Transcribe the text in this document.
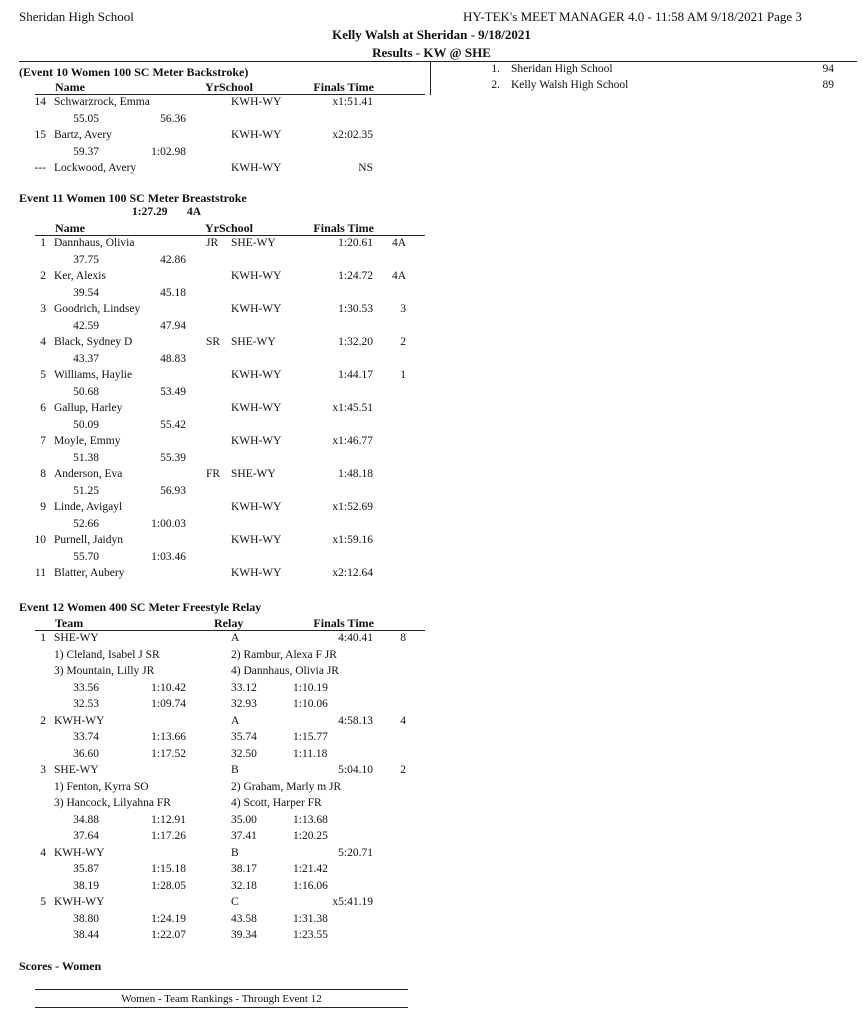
Sheridan High School	HY-TEK's MEET MANAGER 4.0 - 11:58 AM 9/18/2021 Page 3
Kelly Walsh at Sheridan - 9/18/2021
Results - KW @ SHE
1. Sheridan High School	94
2. Kelly Walsh High School	89
(Event 10 Women 100 SC Meter Backstroke)
Name	YrSchool	Finals Time
14 Schwarzrock, Emma	KWH-WY	x1:51.41
55.05	56.36
15 Bartz, Avery	KWH-WY	x2:02.35
59.37	1:02.98
--- Lockwood, Avery	KWH-WY	NS
Event 11 Women 100 SC Meter Breaststroke
1:27.29 4A
Name	YrSchool	Finals Time
1 Dannhaus, Olivia	JR SHE-WY	1:20.61	4A
37.75	42.86
2 Ker, Alexis	KWH-WY	1:24.72	4A
39.54	45.18
3 Goodrich, Lindsey	KWH-WY	1:30.53	3
42.59	47.94
4 Black, Sydney D	SR SHE-WY	1:32.20	2
43.37	48.83
5 Williams, Haylie	KWH-WY	1:44.17	1
50.68	53.49
6 Gallup, Harley	KWH-WY	x1:45.51
50.09	55.42
7 Moyle, Emmy	KWH-WY	x1:46.77
51.38	55.39
8 Anderson, Eva	FR SHE-WY	1:48.18
51.25	56.93
9 Linde, Avigayl	KWH-WY	x1:52.69
52.66	1:00.03
10 Purnell, Jaidyn	KWH-WY	x1:59.16
55.70	1:03.46
11 Blatter, Aubery	KWH-WY	x2:12.64
Event 12 Women 400 SC Meter Freestyle Relay
Team	Relay	Finals Time
1 SHE-WY	A	4:40.41	8
1) Cleland, Isabel J SR	2) Rambur, Alexa F JR
3) Mountain, Lilly JR	4) Dannhaus, Olivia JR
33.56	1:10.42	33.12	1:10.19
32.53	1:09.74	32.93	1:10.06
2 KWH-WY	A	4:58.13	4
33.74	1:13.66	35.74	1:15.77
36.60	1:17.52	32.50	1:11.18
3 SHE-WY	B	5:04.10	2
1) Fenton, Kyrra SO	2) Graham, Marly m JR
3) Hancock, Lilyahna FR	4) Scott, Harper FR
34.88	1:12.91	35.00	1:13.68
37.64	1:17.26	37.41	1:20.25
4 KWH-WY	B	5:20.71
35.87	1:15.18	38.17	1:21.42
38.19	1:28.05	32.18	1:16.06
5 KWH-WY	C	x5:41.19
38.80	1:24.19	43.58	1:31.38
38.44	1:22.07	39.34	1:23.55
Scores - Women
Women - Team Rankings - Through Event 12
